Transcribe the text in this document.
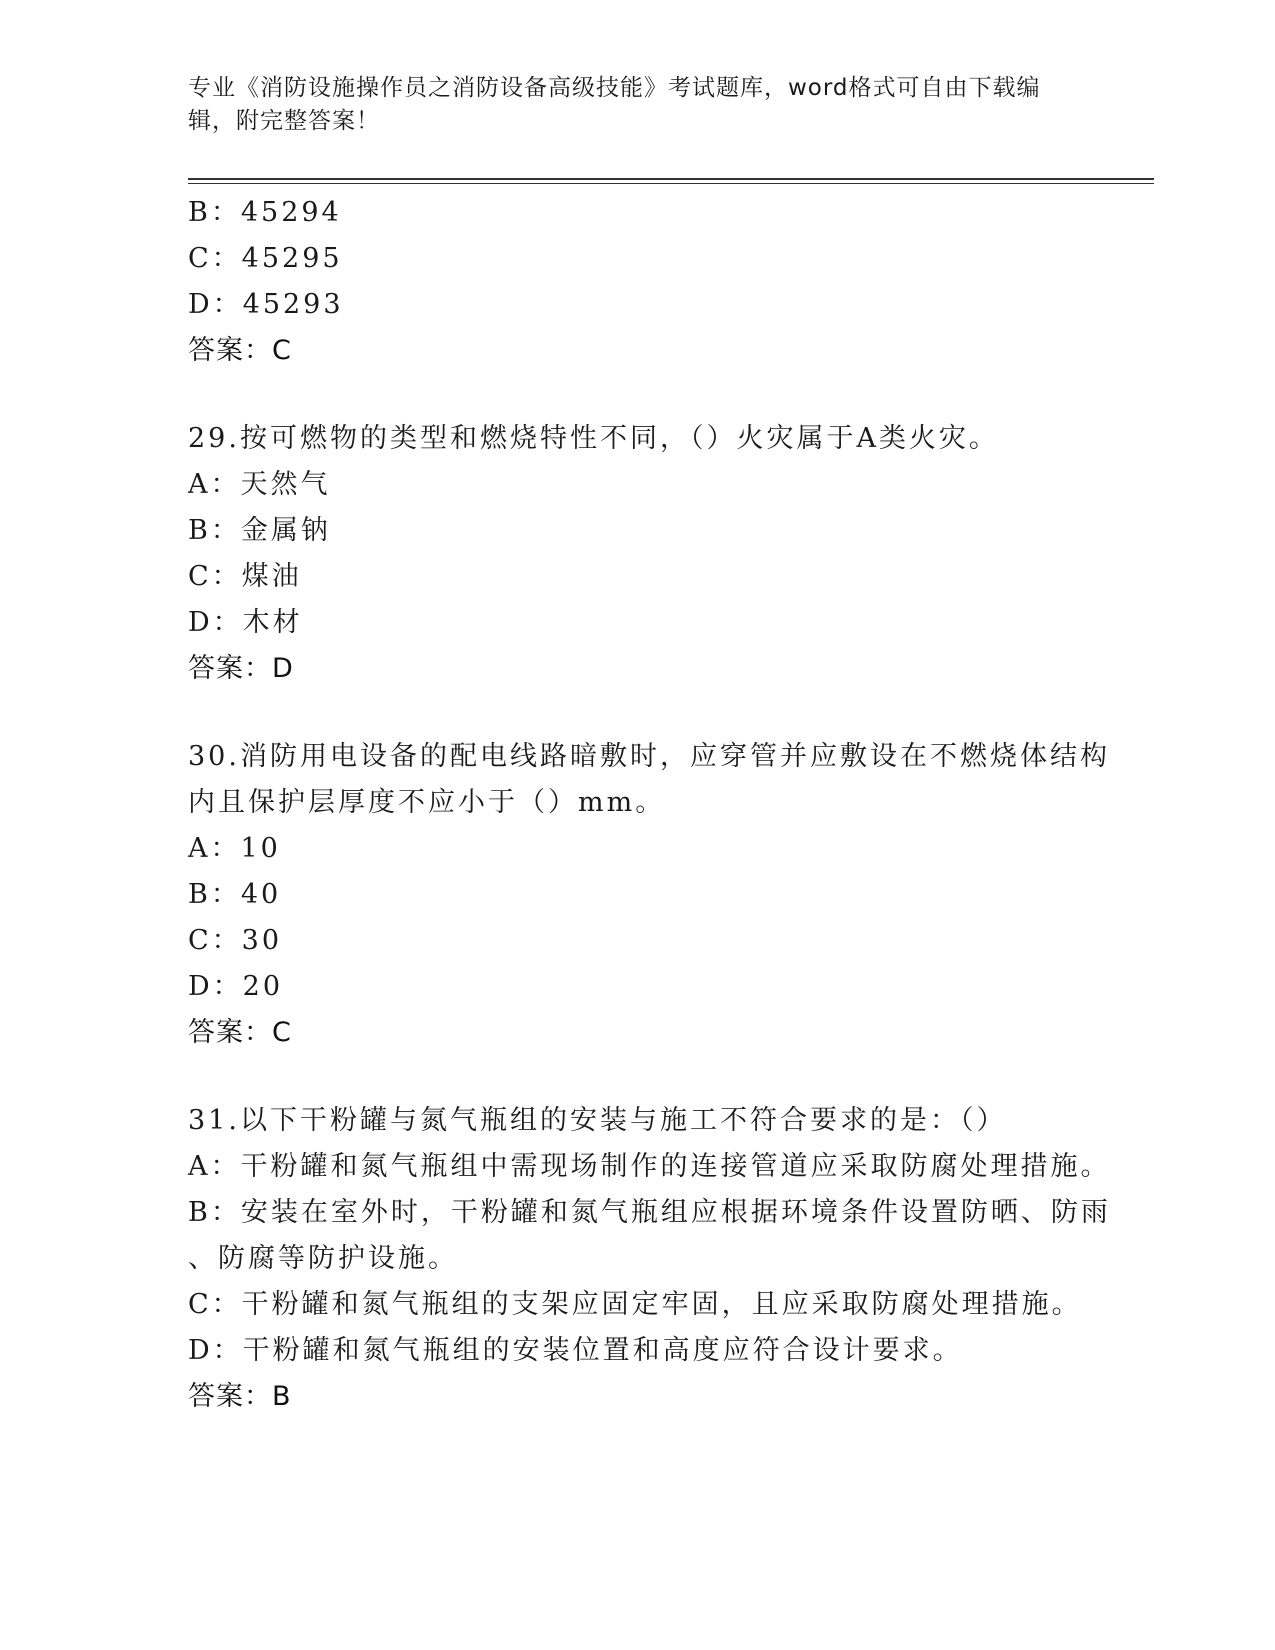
专业《消防设施操作员之消防设备高级技能》考试题库，word格式可自由下载编
辑，附完整答案！
B：45294
C：45295
D：45293
答案：C
29.按可燃物的类型和燃烧特性不同，（）火灾属于A类火灾。
A：天然气
B：金属钠
C：煤油
D：木材
答案：D
30.消防用电设备的配电线路暗敷时，应穿管并应敷设在不燃烧体结构
内且保护层厚度不应小于（）mm。
A：10
B：40
C：30
D：20
答案：C
31.以下干粉罐与氮气瓶组的安装与施工不符合要求的是：（）
A：干粉罐和氮气瓶组中需现场制作的连接管道应采取防腐处理措施。
B：安装在室外时，干粉罐和氮气瓶组应根据环境条件设置防晒、防雨
、防腐等防护设施。
C：干粉罐和氮气瓶组的支架应固定牢固，且应采取防腐处理措施。
D：干粉罐和氮气瓶组的安装位置和高度应符合设计要求。
答案：B
